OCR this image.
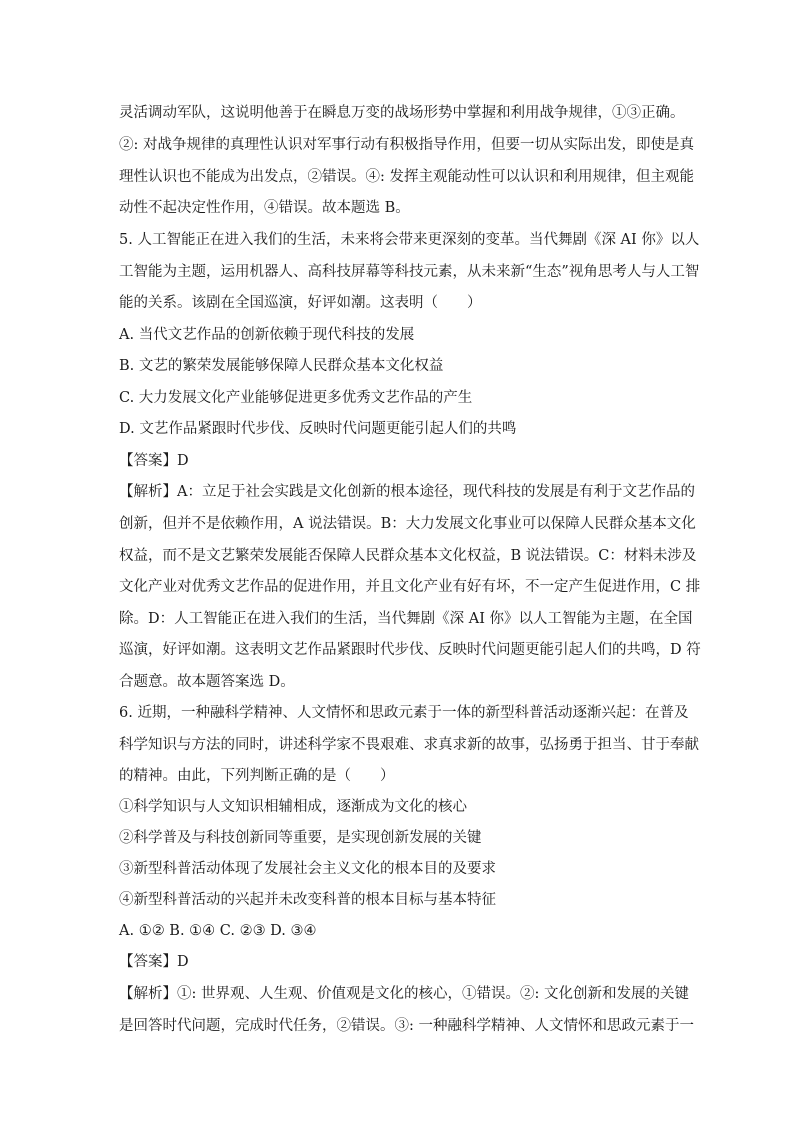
灵活调动军队，这说明他善于在瞬息万变的战场形势中掌握和利用战争规律，①③正确。
②: 对战争规律的真理性认识对军事行动有积极指导作用，但要一切从实际出发，即使是真
理性认识也不能成为出发点，②错误。④: 发挥主观能动性可以认识和利用规律，但主观能
动性不起决定性作用，④错误。故本题选 B。
5. 人工智能正在进入我们的生活，未来将会带来更深刻的变革。当代舞剧《深 AI 你》以人
工智能为主题，运用机器人、高科技屏幕等科技元素，从未来新“生态”视角思考人与人工智
能的关系。该剧在全国巡演，好评如潮。这表明（　　）
A. 当代文艺作品的创新依赖于现代科技的发展
B. 文艺的繁荣发展能够保障人民群众基本文化权益
C. 大力发展文化产业能够促进更多优秀文艺作品的产生
D. 文艺作品紧跟时代步伐、反映时代问题更能引起人们的共鸣
【答案】D
【解析】A：立足于社会实践是文化创新的根本途径，现代科技的发展是有利于文艺作品的
创新，但并不是依赖作用，A 说法错误。B：大力发展文化事业可以保障人民群众基本文化
权益，而不是文艺繁荣发展能否保障人民群众基本文化权益，B 说法错误。C：材料未涉及
文化产业对优秀文艺作品的促进作用，并且文化产业有好有坏，不一定产生促进作用，C 排
除。D：人工智能正在进入我们的生活，当代舞剧《深 AI 你》以人工智能为主题，在全国
巡演，好评如潮。这表明文艺作品紧跟时代步伐、反映时代问题更能引起人们的共鸣，D 符
合题意。故本题答案选 D。
6. 近期，一种融科学精神、人文情怀和思政元素于一体的新型科普活动逐渐兴起：在普及
科学知识与方法的同时，讲述科学家不畏艰难、求真求新的故事，弘扬勇于担当、甘于奉献
的精神。由此，下列判断正确的是（　　）
①科学知识与人文知识相辅相成，逐渐成为文化的核心
②科学普及与科技创新同等重要，是实现创新发展的关键
③新型科普活动体现了发展社会主义文化的根本目的及要求
④新型科普活动的兴起并未改变科普的根本目标与基本特征
A. ①② B. ①④ C. ②③ D. ③④
【答案】D
【解析】①: 世界观、人生观、价值观是文化的核心，①错误。②: 文化创新和发展的关键
是回答时代问题，完成时代任务，②错误。③: 一种融科学精神、人文情怀和思政元素于一
